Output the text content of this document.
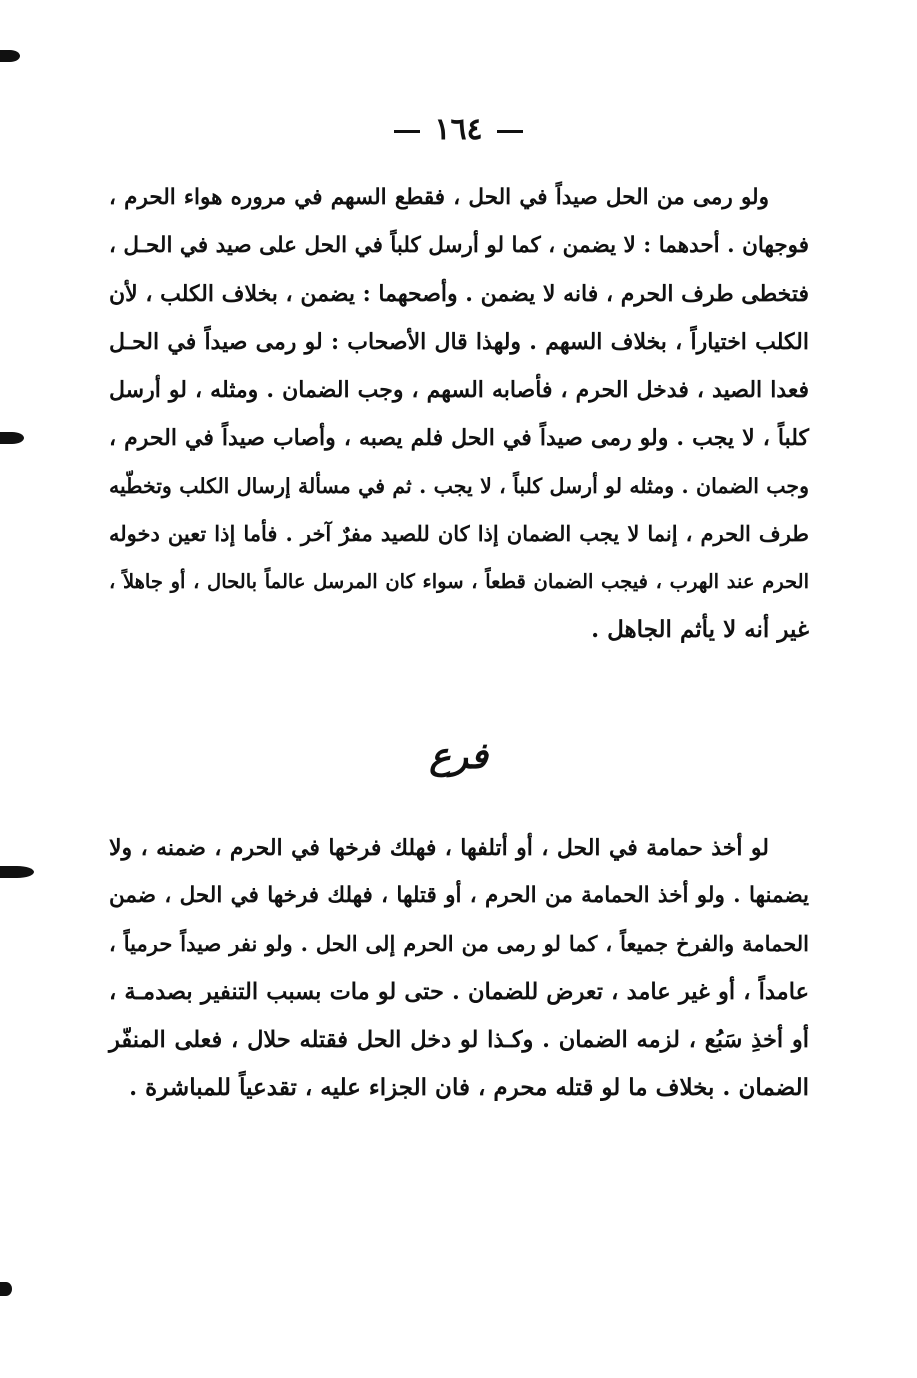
١٦٤
ولو رمى من الحل صيداً في الحل ، فقطع السهم في مروره هواء الحرم ،
فوجهان . أحدهما : لا يضمن ، كما لو أرسل كلباً في الحل على صيد في الحـل ،
فتخطى طرف الحرم ، فانه لا يضمن . وأصحهما : يضمن ، بخلاف الكلب ، لأن
الكلب اختياراً ، بخلاف السهم . ولهذا قال الأصحاب : لو رمى صيداً في الحـل
فعدا الصيد ، فدخل الحرم ، فأصابه السهم ، وجب الضمان . ومثله ، لو أرسل
كلباً ، لا يجب . ولو رمى صيداً في الحل فلم يصبه ، وأصاب صيداً في الحرم ،
وجب الضمان . ومثله لو أرسل كلباً ، لا يجب . ثم في مسألة إرسال الكلب وتخطّيه
طرف الحرم ، إنما لا يجب الضمان إذا كان للصيد مفرٌ آخر . فأما إذا تعين دخوله
الحرم عند الهرب ، فيجب الضمان قطعاً ، سواء كان المرسل عالماً بالحال ، أو جاهلاً ،
غير أنه لا يأثم الجاهل .
فرع
لو أخذ حمامة في الحل ، أو أتلفها ، فهلك فرخها في الحرم ، ضمنه ، ولا
يضمنها . ولو أخذ الحمامة من الحرم ، أو قتلها ، فهلك فرخها في الحل ، ضمن
الحمامة والفرخ جميعاً ، كما لو رمى من الحرم إلى الحل . ولو نفر صيداً حرمياً ،
عامداً ، أو غير عامد ، تعرض للضمان . حتى لو مات بسبب التنفير بصدمـة ،
أو أخذِ سَبُع ، لزمه الضمان . وكـذا لو دخل الحل فقتله حلال ، فعلى المنفّر
الضمان . بخلاف ما لو قتله محرم ، فان الجزاء عليه ، تقدعياً للمباشرة .
